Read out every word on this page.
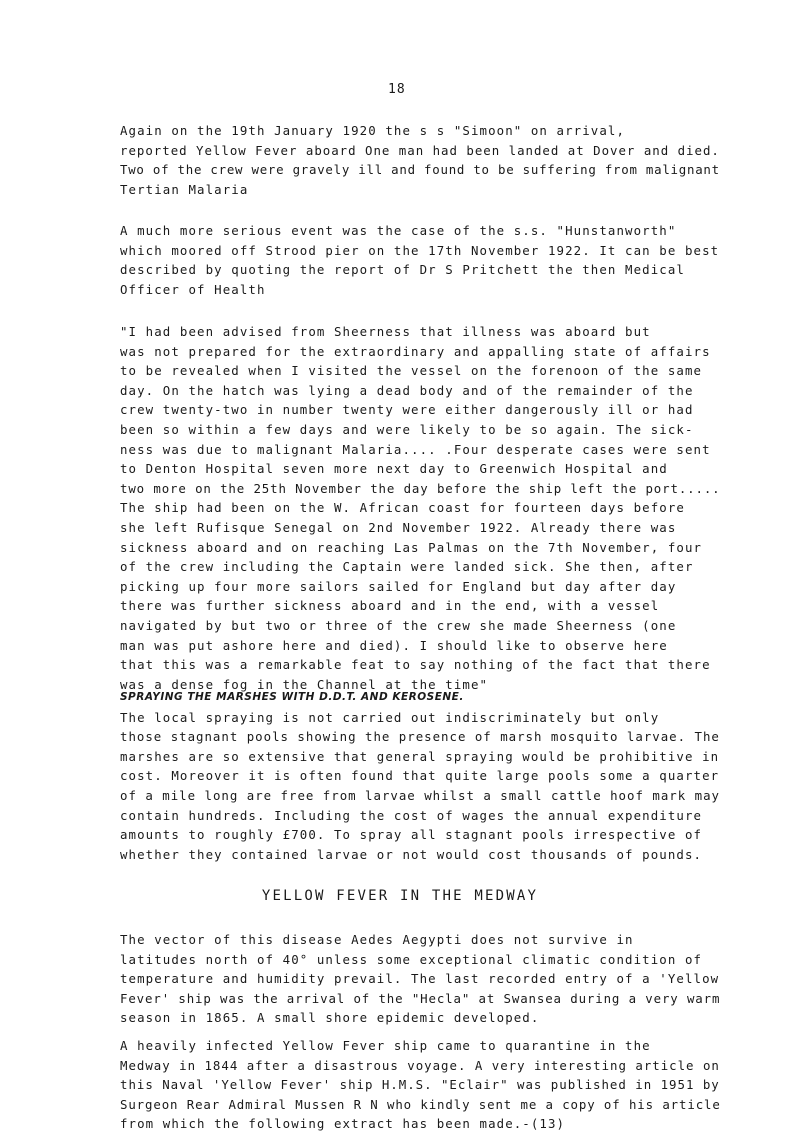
18
Again on the 19th January 1920 the s s "Simoon" on arrival,
reported Yellow Fever aboard One man had been landed at Dover and died.
Two of the crew were gravely ill and found to be suffering from malignant
Tertian Malaria
A much more serious event was the case of the s.s. "Hunstanworth"
which moored off Strood pier on the 17th November 1922. It can be best
described by quoting the report of Dr S Pritchett the then Medical
Officer of Health
"I had been advised from Sheerness that illness was aboard but
was not prepared for the extraordinary and appalling state of affairs
to be revealed when I visited the vessel on the forenoon of the same
day. On the hatch was lying a dead body and of the remainder of the
crew twenty-two in number twenty were either dangerously ill or had
been so within a few days and were likely to be so again. The sick-
ness was due to malignant Malaria.... .Four desperate cases were sent
to Denton Hospital seven more next day to Greenwich Hospital and
two more on the 25th November the day before the ship left the port.....
The ship had been on the W. African coast for fourteen days before
she left Rufisque Senegal on 2nd November 1922. Already there was
sickness aboard and on reaching Las Palmas on the 7th November, four
of the crew including the Captain were landed sick. She then, after
picking up four more sailors sailed for England but day after day
there was further sickness aboard and in the end, with a vessel
navigated by but two or three of the crew she made Sheerness (one
man was put ashore here and died). I should like to observe here
that this was a remarkable feat to say nothing of the fact that there
was a dense fog in the Channel at the time"
SPRAYING THE MARSHES WITH D.D.T. AND KEROSENE.
The local spraying is not carried out indiscriminately but only
those stagnant pools showing the presence of marsh mosquito larvae. The
marshes are so extensive that general spraying would be prohibitive in
cost. Moreover it is often found that quite large pools some a quarter
of a mile long are free from larvae whilst a small cattle hoof mark may
contain hundreds. Including the cost of wages the annual expenditure
amounts to roughly £700. To spray all stagnant pools irrespective of
whether they contained larvae or not would cost thousands of pounds.
YELLOW FEVER IN THE MEDWAY
The vector of this disease Aedes Aegypti does not survive in
latitudes north of 40° unless some exceptional climatic condition of
temperature and humidity prevail. The last recorded entry of a 'Yellow
Fever' ship was the arrival of the "Hecla" at Swansea during a very warm
season in 1865. A small shore epidemic developed.
A heavily infected Yellow Fever ship came to quarantine in the
Medway in 1844 after a disastrous voyage. A very interesting article on
this Naval 'Yellow Fever' ship H.M.S. "Eclair" was published in 1951 by
Surgeon Rear Admiral Mussen R N who kindly sent me a copy of his article
from which the following extract has been made.-(13)
